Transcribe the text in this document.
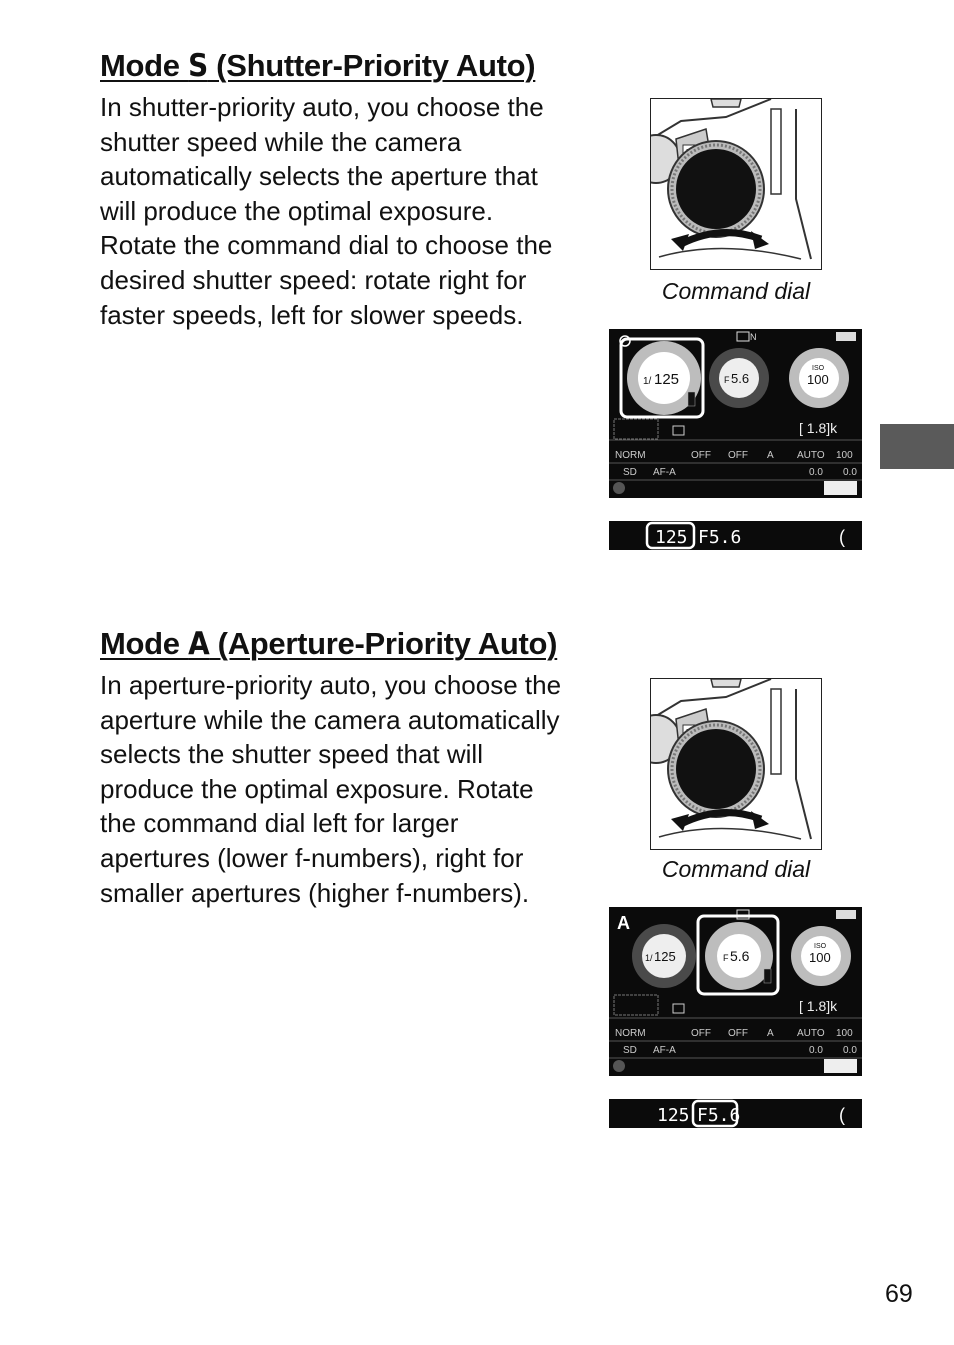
Mode S (Shutter-Priority Auto)

In shutter-priority auto, you choose the
shutter speed while the camera
automatically selects the aperture that
will produce the optimal exposure.
Rotate the command dial to choose the
desired shutter speed: rotate right for
faster speeds, left for slower speeds.

Command dial
N
1/ 125	F 5.6
ISO
100
[ 1.8]k
NORM	OFF OFF A AUTO 100
SD AF-A	0.0 0.0
125 F5.6	(
Mode A (Aperture-Priority Auto)

In aperture-priority auto, you choose the
aperture while the camera automatically
selects the shutter speed that will
produce the optimal exposure. Rotate
the command dial left for larger
apertures (lower f-numbers), right for
smaller apertures (higher f-numbers).

Command dial
A
1/ 125	F 5.6
ISO
100
[ 1.8]k
NORM	OFF OFF A AUTO 100
SD AF-A	0.0 0.0
125 F5.6	(
69
